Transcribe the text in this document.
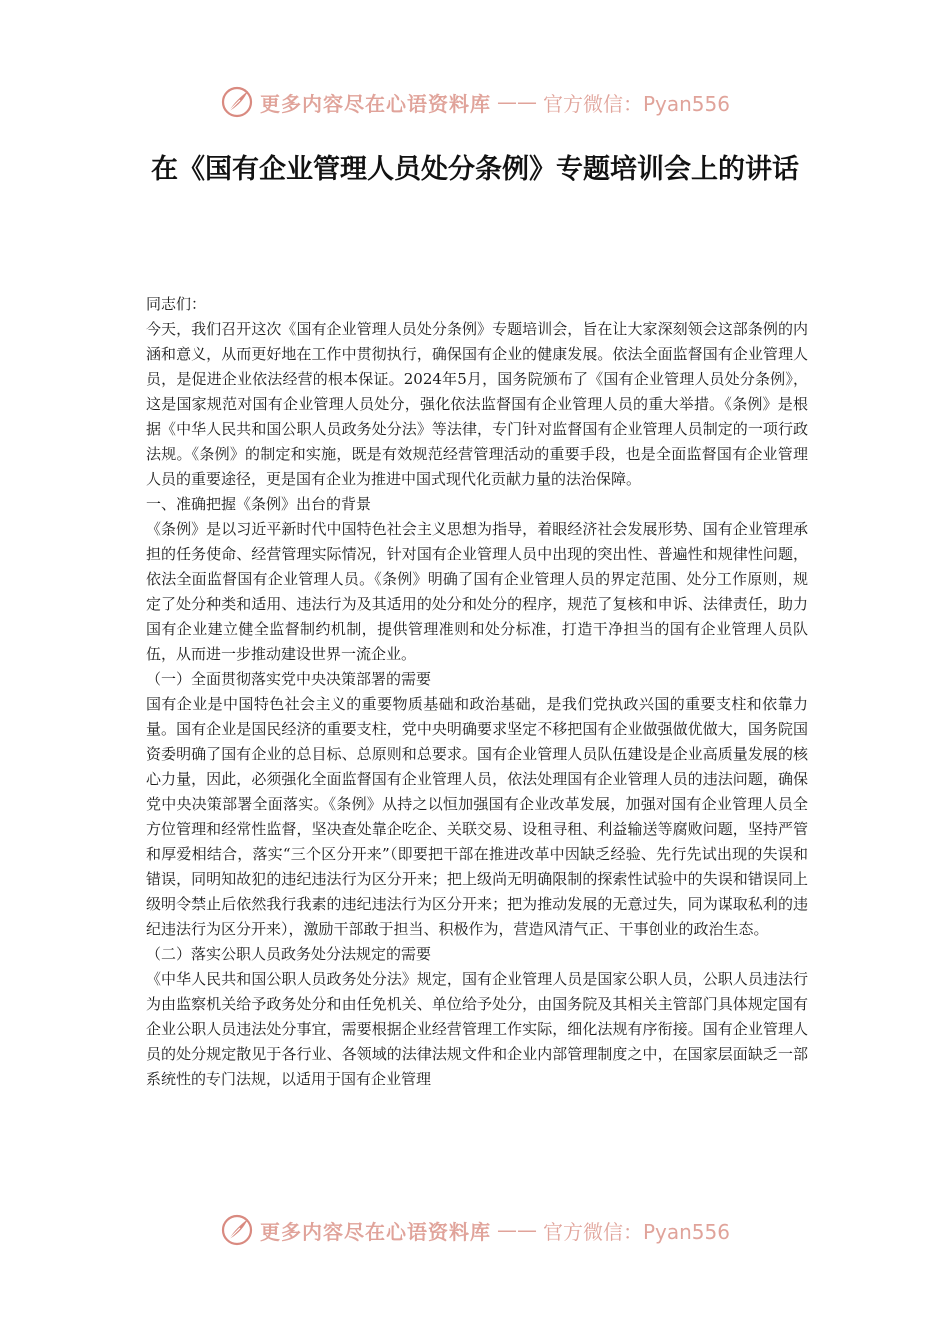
更多内容尽在心语资料库 —— 官方微信：Pyan556
在《国有企业管理人员处分条例》专题培训会上的讲话

同志们：

今天，我们召开这次《国有企业管理人员处分条例》专题培训会，旨在让大家深刻领会这部条例的内涵和意义，从而更好地在工作中贯彻执行，确保国有企业的健康发展。依法全面监督国有企业管理人员，是促进企业依法经营的根本保证。2024年5月，国务院颁布了《国有企业管理人员处分条例》，这是国家规范对国有企业管理人员处分，强化依法监督国有企业管理人员的重大举措。《条例》是根据《中华人民共和国公职人员政务处分法》等法律，专门针对监督国有企业管理人员制定的一项行政法规。《条例》的制定和实施，既是有效规范经营管理活动的重要手段，也是全面监督国有企业管理人员的重要途径，更是国有企业为推进中国式现代化贡献力量的法治保障。

一、准确把握《条例》出台的背景

《条例》是以习近平新时代中国特色社会主义思想为指导，着眼经济社会发展形势、国有企业管理承担的任务使命、经营管理实际情况，针对国有企业管理人员中出现的突出性、普遍性和规律性问题，依法全面监督国有企业管理人员。《条例》明确了国有企业管理人员的界定范围、处分工作原则，规定了处分种类和适用、违法行为及其适用的处分和处分的程序，规范了复核和申诉、法律责任，助力国有企业建立健全监督制约机制，提供管理准则和处分标准，打造干净担当的国有企业管理人员队伍，从而进一步推动建设世界一流企业。

（一）全面贯彻落实党中央决策部署的需要

国有企业是中国特色社会主义的重要物质基础和政治基础，是我们党执政兴国的重要支柱和依靠力量。国有企业是国民经济的重要支柱，党中央明确要求坚定不移把国有企业做强做优做大，国务院国资委明确了国有企业的总目标、总原则和总要求。国有企业管理人员队伍建设是企业高质量发展的核心力量，因此，必须强化全面监督国有企业管理人员，依法处理国有企业管理人员的违法问题，确保党中央决策部署全面落实。《条例》从持之以恒加强国有企业改革发展，加强对国有企业管理人员全方位管理和经常性监督，坚决查处靠企吃企、关联交易、设租寻租、利益输送等腐败问题，坚持严管和厚爱相结合，落实“三个区分开来”（即要把干部在推进改革中因缺乏经验、先行先试出现的失误和错误，同明知故犯的违纪违法行为区分开来；把上级尚无明确限制的探索性试验中的失误和错误同上级明令禁止后依然我行我素的违纪违法行为区分开来；把为推动发展的无意过失，同为谋取私利的违纪违法行为区分开来），激励干部敢于担当、积极作为，营造风清气正、干事创业的政治生态。

（二）落实公职人员政务处分法规定的需要

《中华人民共和国公职人员政务处分法》规定，国有企业管理人员是国家公职人员，公职人员违法行为由监察机关给予政务处分和由任免机关、单位给予处分，由国务院及其相关主管部门具体规定国有企业公职人员违法处分事宜，需要根据企业经营管理工作实际，细化法规有序衔接。国有企业管理人员的处分规定散见于各行业、各领域的法律法规文件和企业内部管理制度之中，在国家层面缺乏一部系统性的专门法规，以适用于国有企业管理

更多内容尽在心语资料库 —— 官方微信：Pyan556
